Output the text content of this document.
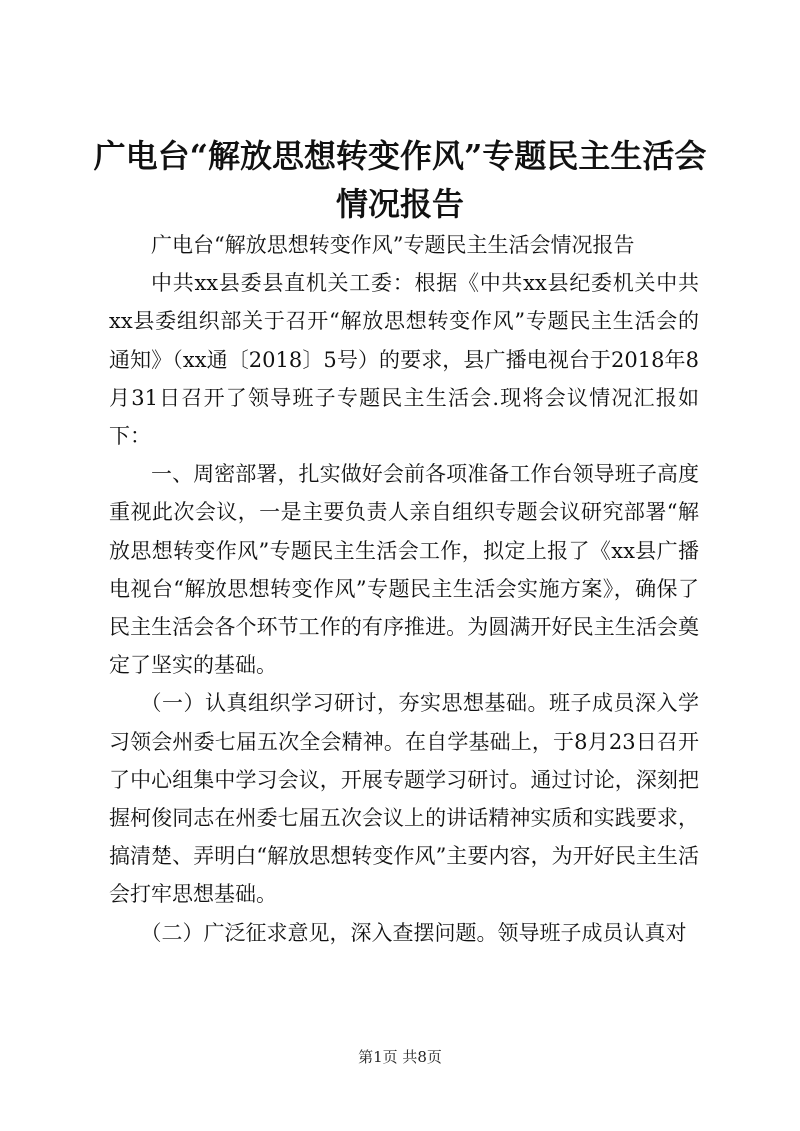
广电台“解放思想转变作风”专题民主生活会情况报告

广电台“解放思想转变作风”专题民主生活会情况报告

中共xx县委县直机关工委：根据《中共xx县纪委机关中共xx县委组织部关于召开“解放思想转变作风”专题民主生活会的通知》（xx通〔2018〕5号）的要求，县广播电视台于2018年8月31日召开了领导班子专题民主生活会.现将会议情况汇报如下：

一、周密部署，扎实做好会前各项准备工作台领导班子高度重视此次会议，一是主要负责人亲自组织专题会议研究部署“解放思想转变作风”专题民主生活会工作，拟定上报了《xx县广播电视台“解放思想转变作风”专题民主生活会实施方案》，确保了民主生活会各个环节工作的有序推进。为圆满开好民主生活会奠定了坚实的基础。

（一）认真组织学习研讨，夯实思想基础。班子成员深入学习领会州委七届五次全会精神。在自学基础上，于8月23日召开了中心组集中学习会议，开展专题学习研讨。通过讨论，深刻把握柯俊同志在州委七届五次会议上的讲话精神实质和实践要求，搞清楚、弄明白“解放思想转变作风”主要内容，为开好民主生活会打牢思想基础。

（二）广泛征求意见，深入查摆问题。领导班子成员认真对

第1页 共8页
